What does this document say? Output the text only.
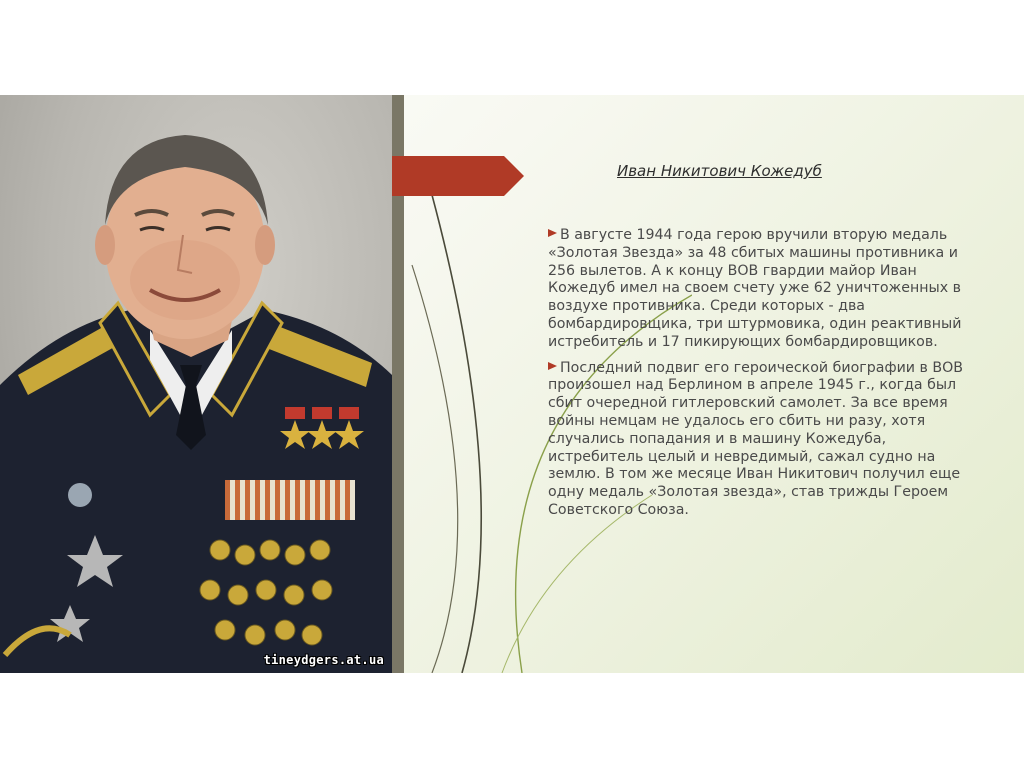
tineydgers.at.ua
Иван Никитович Кожедуб

В августе 1944 года герою вручили вторую медаль «Золотая Звезда» за 48 сбитых машины противника и 256 вылетов. А к концу ВОВ гвардии майор Иван Кожедуб имел на своем счету уже 62 уничтоженных в воздухе противника. Среди которых - два бомбардировщика, три штурмовика, один реактивный истребитель и 17 пикирующих бомбардировщиков.

Последний подвиг его героической биографии в ВОВ произошел над Берлином в апреле 1945 г., когда был сбит очередной гитлеровский самолет. За все время войны немцам не удалось его сбить ни разу, хотя случались попадания и в машину Кожедуба, истребитель целый и невредимый, сажал судно на землю. В том же месяце Иван Никитович получил еще одну медаль «Золотая звезда», став трижды Героем Советского Союза.
